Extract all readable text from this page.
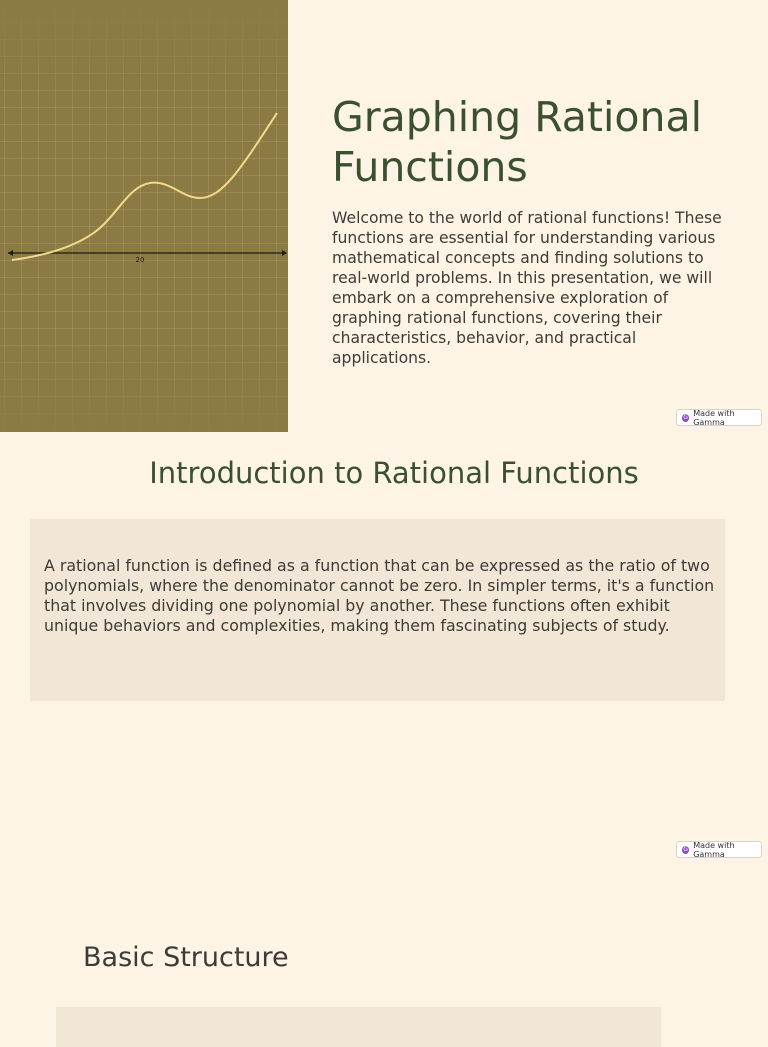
20
Graphing Rational Functions

Welcome to the world of rational functions! These functions are essential for understanding various mathematical concepts and finding solutions to real-world problems. In this presentation, we will embark on a comprehensive exploration of graphing rational functions, covering their characteristics, behavior, and practical applications.

G Made with Gamma
Introduction to Rational Functions

A rational function is defined as a function that can be expressed as the ratio of two polynomials, where the denominator cannot be zero. In simpler terms, it's a function that involves dividing one polynomial by another. These functions often exhibit unique behaviors and complexities, making them fascinating subjects of study.

G Made with Gamma
Basic Structure
